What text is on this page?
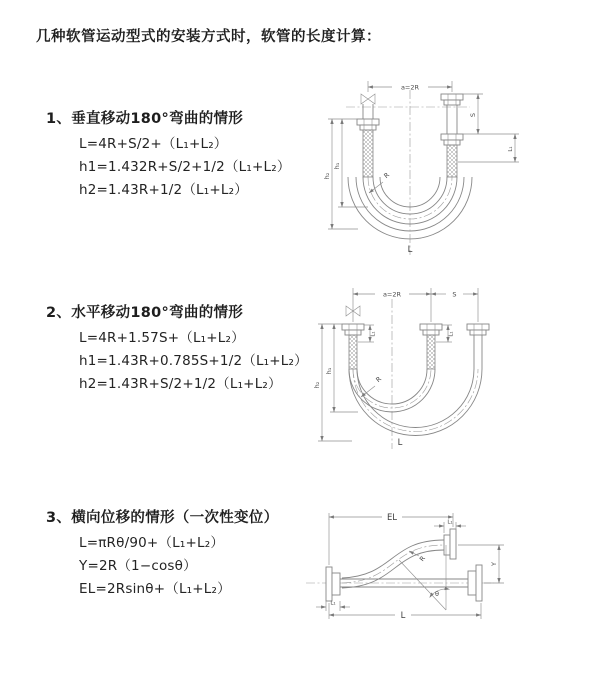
几种软管运动型式的安装方式时，软管的长度计算：
1、垂直移动180°弯曲的情形
L=4R+S/2+（L₁+L₂）
h1=1.432R+S/2+1/2（L₁+L₂）
h2=1.43R+1/2（L₁+L₂）
2、水平移动180°弯曲的情形
L=4R+1.57S+（L₁+L₂）
h1=1.43R+0.785S+1/2（L₁+L₂）
h2=1.43R+S/2+1/2（L₁+L₂）
3、横向位移的情形（一次性变位）
L=πRθ/90+（L₁+L₂）
Y=2R（1−cosθ）
EL=2Rsinθ+（L₁+L₂）
a=2R
h₂
h₁
S
L₁
R
L
a=2R	S
h₂
h₁
L₁	L₁
R
L
EL	L₁
Y
θ
R
L₁
L
